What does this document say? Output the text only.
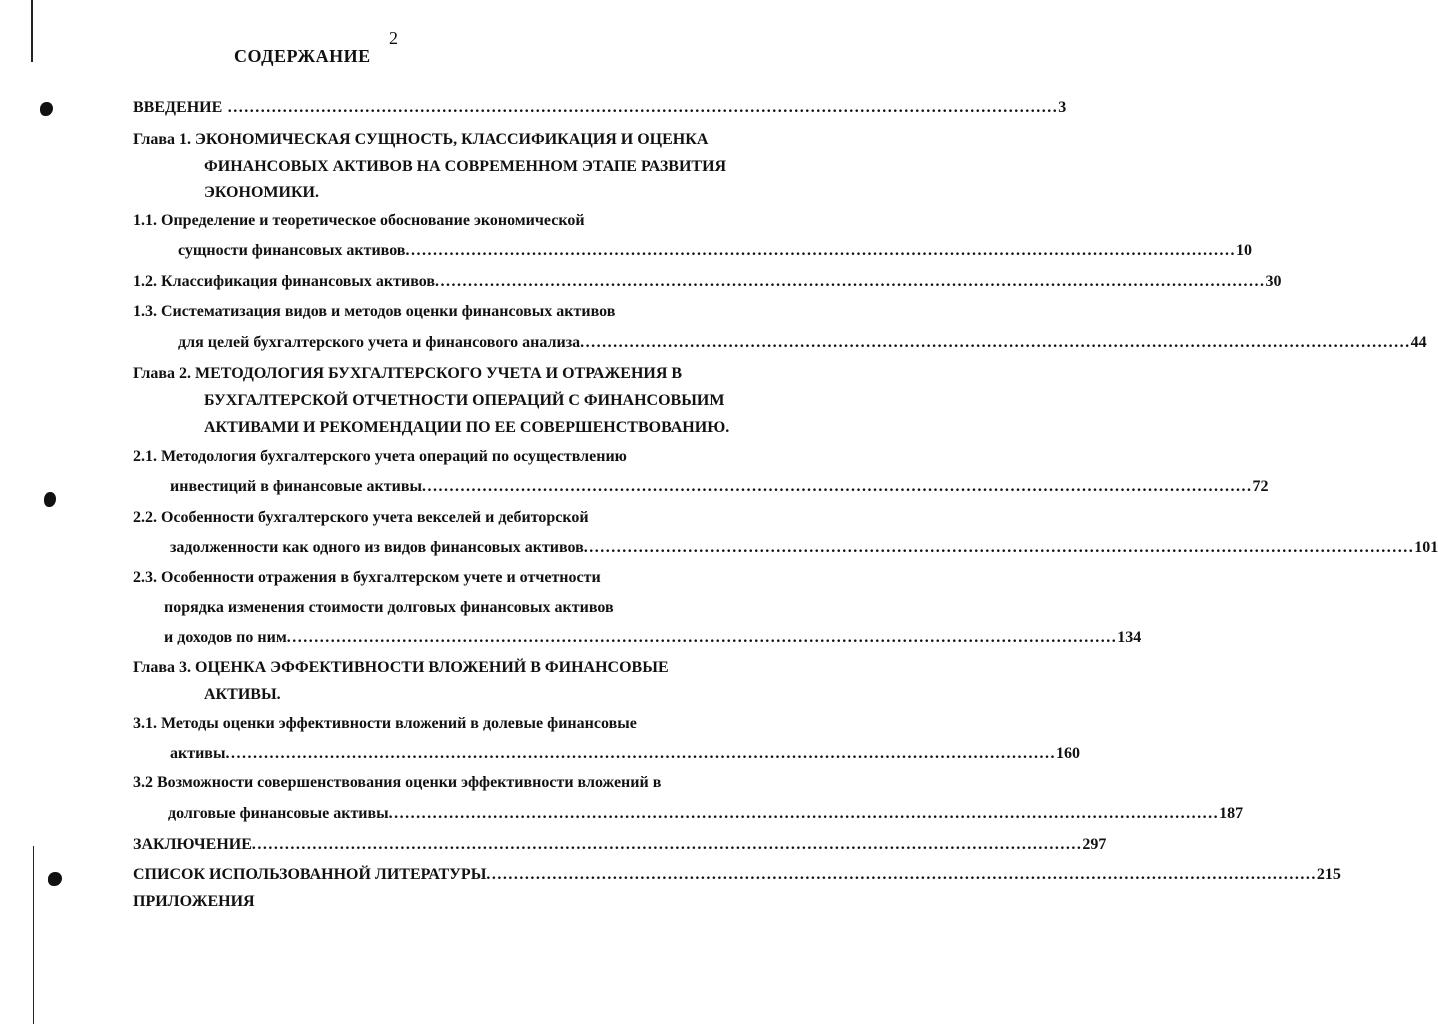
2
СОДЕРЖАНИЕ
ВВЕДЕНИЕ ....................................................................................................................................................... 3
Глава 1. ЭКОНОМИЧЕСКАЯ СУЩНОСТЬ, КЛАССИФИКАЦИЯ И ОЦЕНКА
ФИНАНСОВЫХ АКТИВОВ НА СОВРЕМЕННОМ ЭТАПЕ РАЗВИТИЯ
ЭКОНОМИКИ.
1.1. Определение и теоретическое обоснование экономической
сущности финансовых активов ....................................................................................................................................................... 10
1.2. Классификация финансовых активов ....................................................................................................................................................... 30
1.3. Систематизация видов и методов оценки финансовых активов
для целей бухгалтерского учета и финансового анализа ....................................................................................................................................................... 44
Глава 2. МЕТОДОЛОГИЯ БУХГАЛТЕРСКОГО УЧЕТА И ОТРАЖЕНИЯ В
БУХГАЛТЕРСКОЙ ОТЧЕТНОСТИ ОПЕРАЦИЙ С ФИНАНСОВЫИМ
АКТИВАМИ И РЕКОМЕНДАЦИИ ПО ЕЕ СОВЕРШЕНСТВОВАНИЮ.
2.1. Методология бухгалтерского учета операций по осуществлению
инвестиций в финансовые активы ....................................................................................................................................................... 72
2.2. Особенности бухгалтерского учета векселей и дебиторской
задолженности как одного из видов финансовых активов ....................................................................................................................................................... 101
2.3. Особенности отражения в бухгалтерском учете и отчетности
порядка изменения стоимости долговых финансовых активов
и доходов по ним ....................................................................................................................................................... 134
Глава 3. ОЦЕНКА ЭФФЕКТИВНОСТИ ВЛОЖЕНИЙ В ФИНАНСОВЫЕ
АКТИВЫ.
3.1. Методы оценки эффективности вложений в долевые финансовые
активы ....................................................................................................................................................... 160
3.2 Возможности совершенствования оценки эффективности вложений в
долговые финансовые активы ....................................................................................................................................................... 187
ЗАКЛЮЧЕНИЕ ....................................................................................................................................................... 297
СПИСОК ИСПОЛЬЗОВАННОЙ ЛИТЕРАТУРЫ ....................................................................................................................................................... 215
ПРИЛОЖЕНИЯ
